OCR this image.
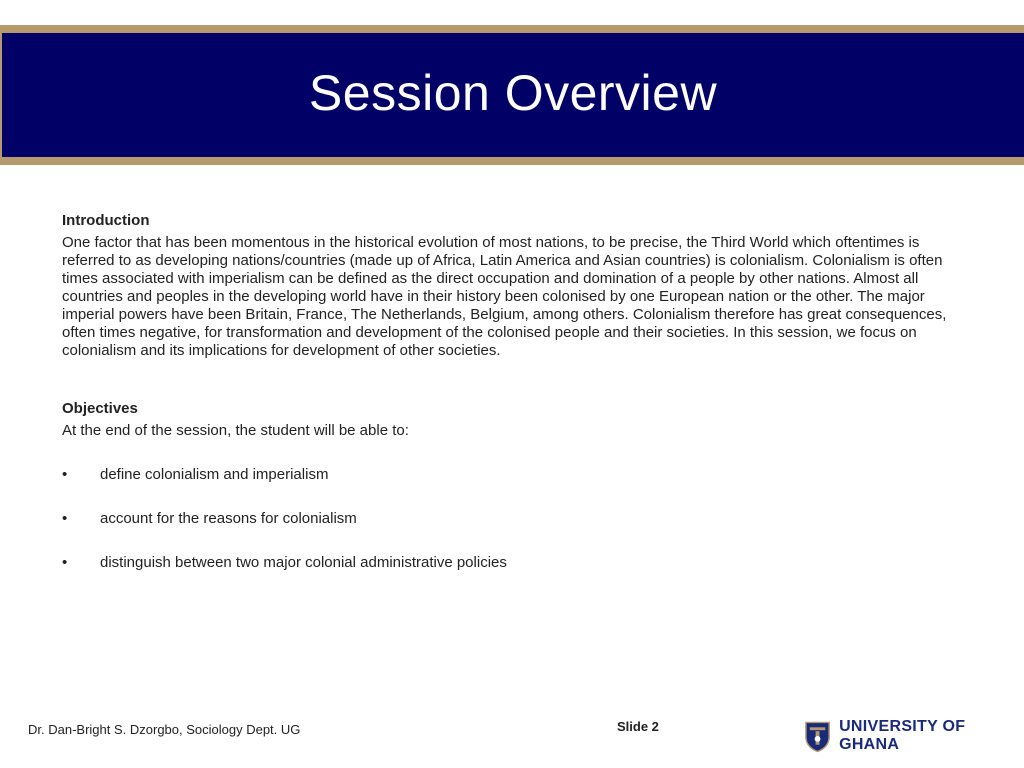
Session Overview
Introduction

One factor that has been momentous in the historical evolution of most nations, to be precise, the Third World which oftentimes is referred to as developing nations/countries (made up of Africa, Latin America and Asian countries) is colonialism. Colonialism is often times associated with imperialism can be defined as the direct occupation and domination of a people by other nations. Almost all countries and peoples in the developing world have in their history been colonised by one European nation or the other. The major imperial powers have been Britain, France, The Netherlands, Belgium, among others. Colonialism therefore has great consequences, often times negative, for transformation and development of the colonised people and their societies. In this session, we focus on colonialism and its implications for development of other societies.

Objectives
At the end of the session, the student will be able to:
•	define colonialism and imperialism
•	account for the reasons for colonialism
•	distinguish between two major colonial administrative policies
Dr. Dan-Bright S. Dzorgbo, Sociology Dept. UG	Slide 2	UNIVERSITY OF GHANA
